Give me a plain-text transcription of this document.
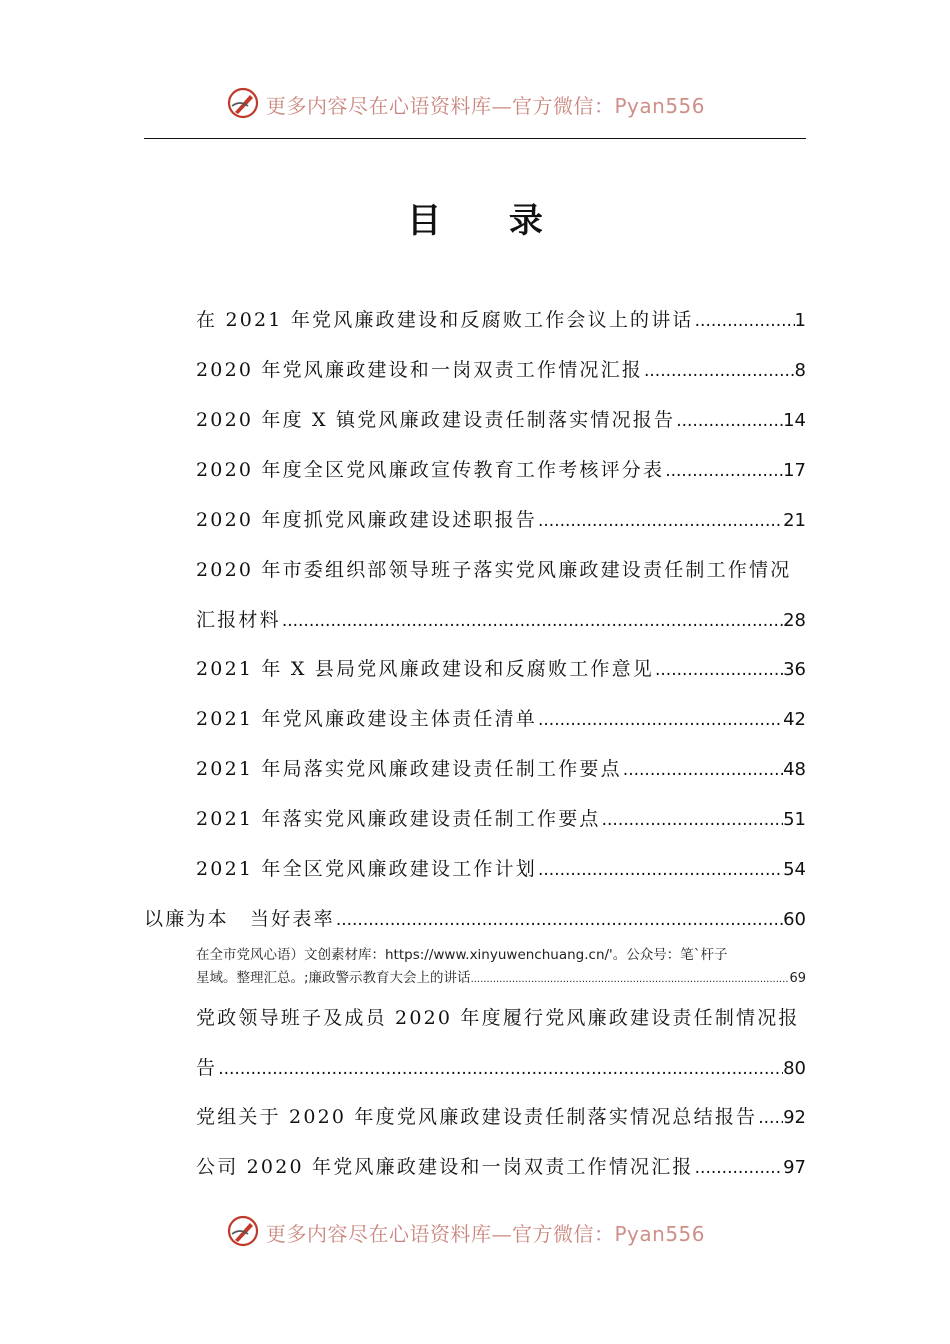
更多内容尽在心语资料库—官方微信：Pyan556
目 录
在 2021 年党风廉政建设和反腐败工作会议上的讲话 .....	1
2020 年党风廉政建设和一岗双责工作情况汇报 .....	8
2020 年度 X 镇党风廉政建设责任制落实情况报告 .....	14
2020 年度全区党风廉政宣传教育工作考核评分表 .....	17
2020 年度抓党风廉政建设述职报告 .....	21
2020 年市委组织部领导班子落实党风廉政建设责任制工作情况
汇报材料 .....	28
2021 年 X 县局党风廉政建设和反腐败工作意见 .....	36
2021 年党风廉政建设主体责任清单 .....	42
2021 年局落实党风廉政建设责任制工作要点 .....	48
2021 年落实党风廉政建设责任制工作要点 .....	51
2021 年全区党风廉政建设工作计划 .....	54
以廉为本　当好表率 .....	60
在全市党风心语）文创素材库：https://www.xinyuwenchuang.cn/'。公众号：笔`杆子
星域。整理汇总。;廉政警示教育大会上的讲话 .....	69
党政领导班子及成员 2020 年度履行党风廉政建设责任制情况报
告 .....	80
党组关于 2020 年度党风廉政建设责任制落实情况总结报告 ..... 92
公司 2020 年党风廉政建设和一岗双责工作情况汇报 .....	97
更多内容尽在心语资料库—官方微信：Pyan556
